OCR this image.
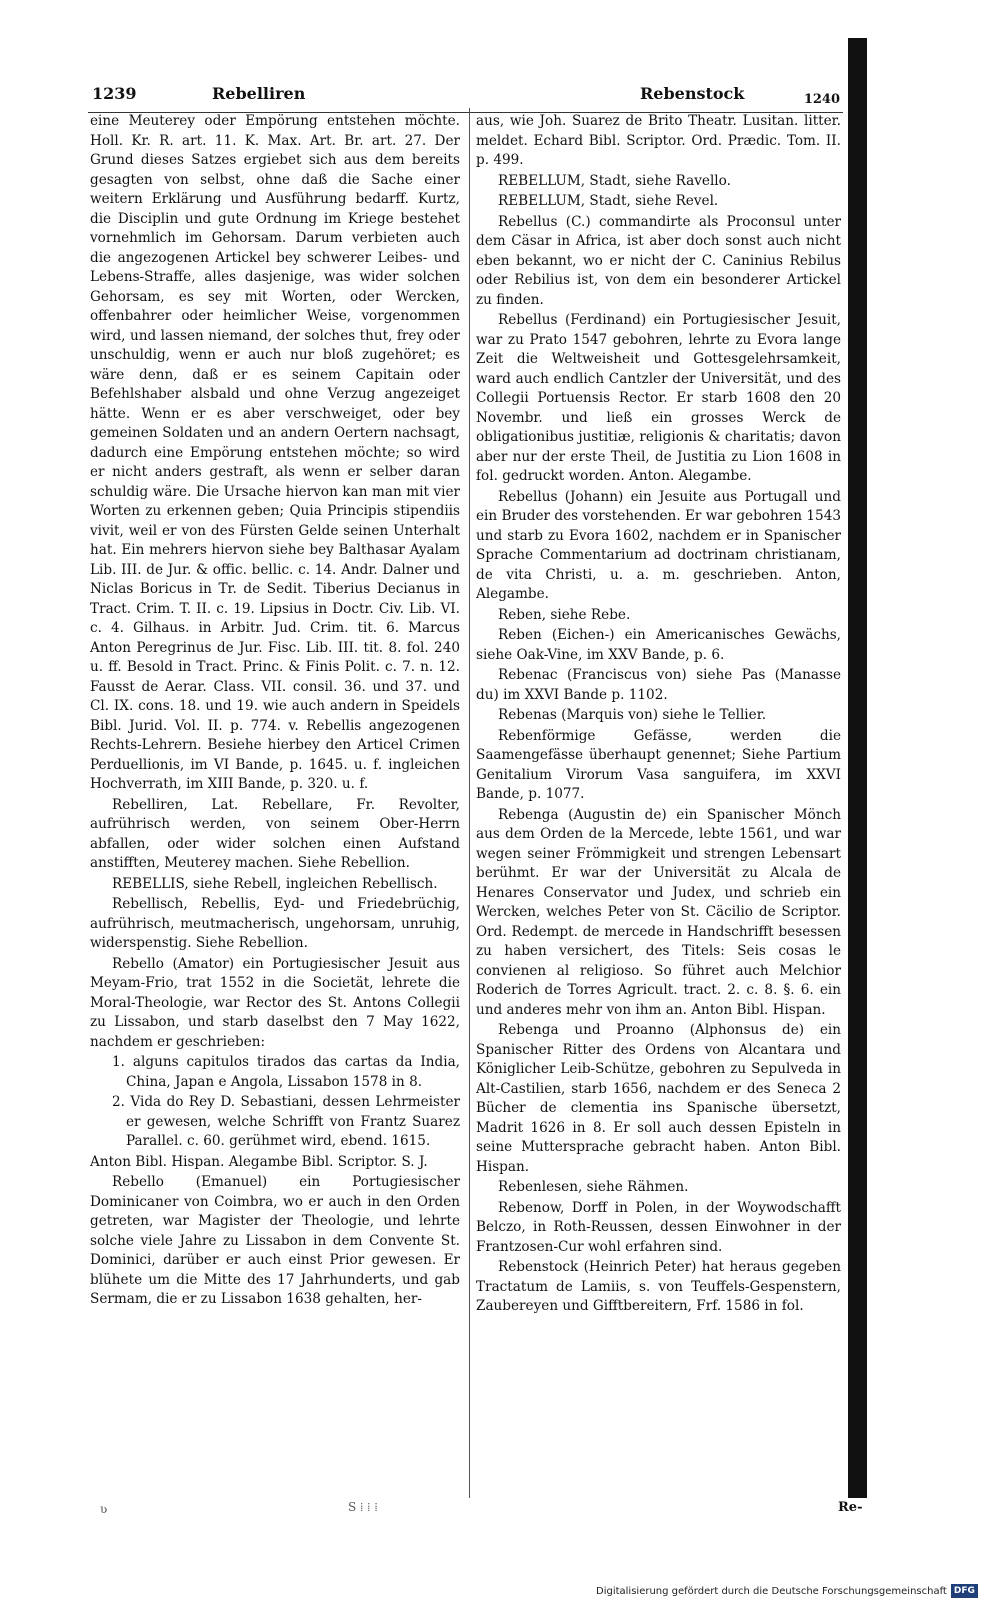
1239	Rebelliren	Rebenstock	1240

eine Meuterey oder Empörung entstehen möchte. Holl. Kr. R. art. 11. K. Max. Art. Br. art. 27. Der Grund dieses Satzes ergiebet sich aus dem bereits gesagten von selbst, ohne daß die Sache einer weitern Erklärung und Ausführung bedarff. Kurtz, die Disciplin und gute Ordnung im Kriege bestehet vornehmlich im Gehorsam. Darum verbieten auch die angezogenen Artickel bey schwerer Leibes- und Lebens-Straffe, alles dasjenige, was wider solchen Gehorsam, es sey mit Worten, oder Wercken, offenbahrer oder heimlicher Weise, vorgenommen wird, und lassen niemand, der solches thut, frey oder unschuldig, wenn er auch nur bloß zugehöret; es wäre denn, daß er es seinem Capitain oder Befehlshaber alsbald und ohne Verzug angezeiget hätte. Wenn er es aber verschweiget, oder bey gemeinen Soldaten und an andern Oertern nachsagt, dadurch eine Empörung entstehen möchte; so wird er nicht anders gestraft, als wenn er selber daran schuldig wäre. Die Ursache hiervon kan man mit vier Worten zu erkennen geben; Quia Principis stipendiis vivit, weil er von des Fürsten Gelde seinen Unterhalt hat. Ein mehrers hiervon siehe bey Balthasar Ayalam Lib. III. de Jur. & offic. bellic. c. 14. Andr. Dalner und Niclas Boricus in Tr. de Sedit. Tiberius Decianus in Tract. Crim. T. II. c. 19. Lipsius in Doctr. Civ. Lib. VI. c. 4. Gilhaus. in Arbitr. Jud. Crim. tit. 6. Marcus Anton Peregrinus de Jur. Fisc. Lib. III. tit. 8. fol. 240 u. ff. Besold in Tract. Princ. & Finis Polit. c. 7. n. 12. Fausst de Aerar. Class. VII. consil. 36. und 37. und Cl. IX. cons. 18. und 19. wie auch andern in Speidels Bibl. Jurid. Vol. II. p. 774. v. Rebellis angezogenen Rechts-Lehrern. Besiehe hierbey den Articel Crimen Perduellionis, im VI Bande, p. 1645. u. f. ingleichen Hochverrath, im XIII Bande, p. 320. u. f.

Rebelliren, Lat. Rebellare, Fr. Revolter, aufrührisch werden, von seinem Ober-Herrn abfallen, oder wider solchen einen Aufstand anstifften, Meuterey machen. Siehe Rebellion.

REBELLIS, siehe Rebell, ingleichen Rebellisch.

Rebellisch, Rebellis, Eyd- und Friedebrüchig, aufrührisch, meutmacherisch, ungehorsam, unruhig, widerspenstig. Siehe Rebellion.

Rebello (Amator) ein Portugiesischer Jesuit aus Meyam-Frio, trat 1552 in die Societät, lehrete die Moral-Theologie, war Rector des St. Antons Collegii zu Lissabon, und starb daselbst den 7 May 1622, nachdem er geschrieben:

1. alguns capitulos tirados das cartas da India, China, Japan e Angola, Lissabon 1578 in 8.

2. Vida do Rey D. Sebastiani, dessen Lehrmeister er gewesen, welche Schrifft von Frantz Suarez Parallel. c. 60. gerühmet wird, ebend. 1615.

Anton Bibl. Hispan. Alegambe Bibl. Scriptor. S. J.

Rebello (Emanuel) ein Portugiesischer Dominicaner von Coimbra, wo er auch in den Orden getreten, war Magister der Theologie, und lehrte solche viele Jahre zu Lissabon in dem Convente St. Dominici, darüber er auch einst Prior gewesen. Er blühete um die Mitte des 17 Jahrhunderts, und gab Sermam, die er zu Lissabon 1638 gehalten, her-

aus, wie Joh. Suarez de Brito Theatr. Lusitan. litter. meldet. Echard Bibl. Scriptor. Ord. Prædic. Tom. II. p. 499.

REBELLUM, Stadt, siehe Ravello.

REBELLUM, Stadt, siehe Revel.

Rebellus (C.) commandirte als Proconsul unter dem Cäsar in Africa, ist aber doch sonst auch nicht eben bekannt, wo er nicht der C. Caninius Rebilus oder Rebilius ist, von dem ein besonderer Artickel zu finden.

Rebellus (Ferdinand) ein Portugiesischer Jesuit, war zu Prato 1547 gebohren, lehrte zu Evora lange Zeit die Weltweisheit und Gottesgelehrsamkeit, ward auch endlich Cantzler der Universität, und des Collegii Portuensis Rector. Er starb 1608 den 20 Novembr. und ließ ein grosses Werck de obligationibus justitiæ, religionis & charitatis; davon aber nur der erste Theil, de Justitia zu Lion 1608 in fol. gedruckt worden. Anton. Alegambe.

Rebellus (Johann) ein Jesuite aus Portugall und ein Bruder des vorstehenden. Er war gebohren 1543 und starb zu Evora 1602, nachdem er in Spanischer Sprache Commentarium ad doctrinam christianam, de vita Christi, u. a. m. geschrieben. Anton, Alegambe.

Reben, siehe Rebe.

Reben (Eichen-) ein Americanisches Gewächs, siehe Oak-Vine, im XXV Bande, p. 6.

Rebenac (Franciscus von) siehe Pas (Manasse du) im XXVI Bande p. 1102.

Rebenas (Marquis von) siehe le Tellier.

Rebenförmige Gefässe, werden die Saamengefässe überhaupt genennet; Siehe Partium Genitalium Virorum Vasa sanguifera, im XXVI Bande, p. 1077.

Rebenga (Augustin de) ein Spanischer Mönch aus dem Orden de la Mercede, lebte 1561, und war wegen seiner Frömmigkeit und strengen Lebensart berühmt. Er war der Universität zu Alcala de Henares Conservator und Judex, und schrieb ein Wercken, welches Peter von St. Cäcilio de Scriptor. Ord. Redempt. de mercede in Handschrifft besessen zu haben versichert, des Titels: Seis cosas le convienen al religioso. So führet auch Melchior Roderich de Torres Agricult. tract. 2. c. 8. §. 6. ein und anderes mehr von ihm an. Anton Bibl. Hispan.

Rebenga und Proanno (Alphonsus de) ein Spanischer Ritter des Ordens von Alcantara und Königlicher Leib-Schütze, gebohren zu Sepulveda in Alt-Castilien, starb 1656, nachdem er des Seneca 2 Bücher de clementia ins Spanische übersetzt, Madrit 1626 in 8. Er soll auch dessen Episteln in seine Muttersprache gebracht haben. Anton Bibl. Hispan.

Rebenlesen, siehe Rähmen.

Rebenow, Dorff in Polen, in der Woywodschafft Belczo, in Roth-Reussen, dessen Einwohner in der Frantzosen-Cur wohl erfahren sind.

Rebenstock (Heinrich Peter) hat heraus gegeben Tractatum de Lamiis, s. von Teuffels-Gespenstern, Zaubereyen und Gifftbereitern, Frf. 1586 in fol.

ʋ	S ⁞ ⁞ ⁞	Re-
Digitalisierung gefördert durch die Deutsche Forschungsgemeinschaft DFG
